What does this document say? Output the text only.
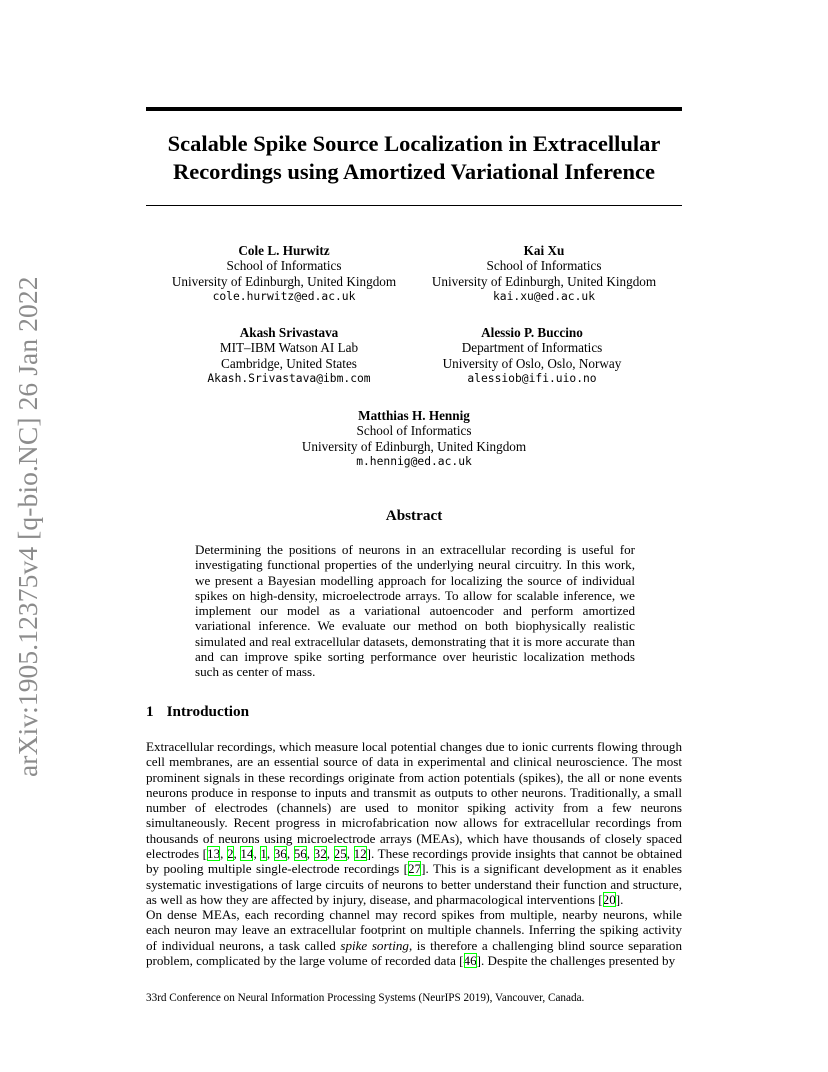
arXiv:1905.12375v4 [q-bio.NC] 26 Jan 2022
Scalable Spike Source Localization in Extracellular
Recordings using Amortized Variational Inference
Cole L. Hurwitz
School of Informatics
University of Edinburgh, United Kingdom
cole.hurwitz@ed.ac.uk
Kai Xu
School of Informatics
University of Edinburgh, United Kingdom
kai.xu@ed.ac.uk
Akash Srivastava
MIT–IBM Watson AI Lab
Cambridge, United States
Akash.Srivastava@ibm.com
Alessio P. Buccino
Department of Informatics
University of Oslo, Oslo, Norway
alessiob@ifi.uio.no
Matthias H. Hennig
School of Informatics
University of Edinburgh, United Kingdom
m.hennig@ed.ac.uk
Abstract
Determining the positions of neurons in an extracellular recording is useful for investigating functional properties of the underlying neural circuitry. In this work, we present a Bayesian modelling approach for localizing the source of individual spikes on high-density, microelectrode arrays. To allow for scalable inference, we implement our model as a variational autoencoder and perform amortized variational inference. We evaluate our method on both biophysically realistic simulated and real extracellular datasets, demonstrating that it is more accurate than and can improve spike sorting performance over heuristic localization methods such as center of mass.
1 Introduction
Extracellular recordings, which measure local potential changes due to ionic currents flowing through cell membranes, are an essential source of data in experimental and clinical neuroscience. The most prominent signals in these recordings originate from action potentials (spikes), the all or none events neurons produce in response to inputs and transmit as outputs to other neurons. Traditionally, a small number of electrodes (channels) are used to monitor spiking activity from a few neurons simultaneously. Recent progress in microfabrication now allows for extracellular recordings from thousands of neurons using microelectrode arrays (MEAs), which have thousands of closely spaced electrodes [13, 2, 14, 1, 36, 56, 32, 25, 12]. These recordings provide insights that cannot be obtained by pooling multiple single-electrode recordings [27]. This is a significant development as it enables systematic investigations of large circuits of neurons to better understand their function and structure, as well as how they are affected by injury, disease, and pharmacological interventions [20].
On dense MEAs, each recording channel may record spikes from multiple, nearby neurons, while each neuron may leave an extracellular footprint on multiple channels. Inferring the spiking activity of individual neurons, a task called spike sorting, is therefore a challenging blind source separation problem, complicated by the large volume of recorded data [46]. Despite the challenges presented by
33rd Conference on Neural Information Processing Systems (NeurIPS 2019), Vancouver, Canada.
